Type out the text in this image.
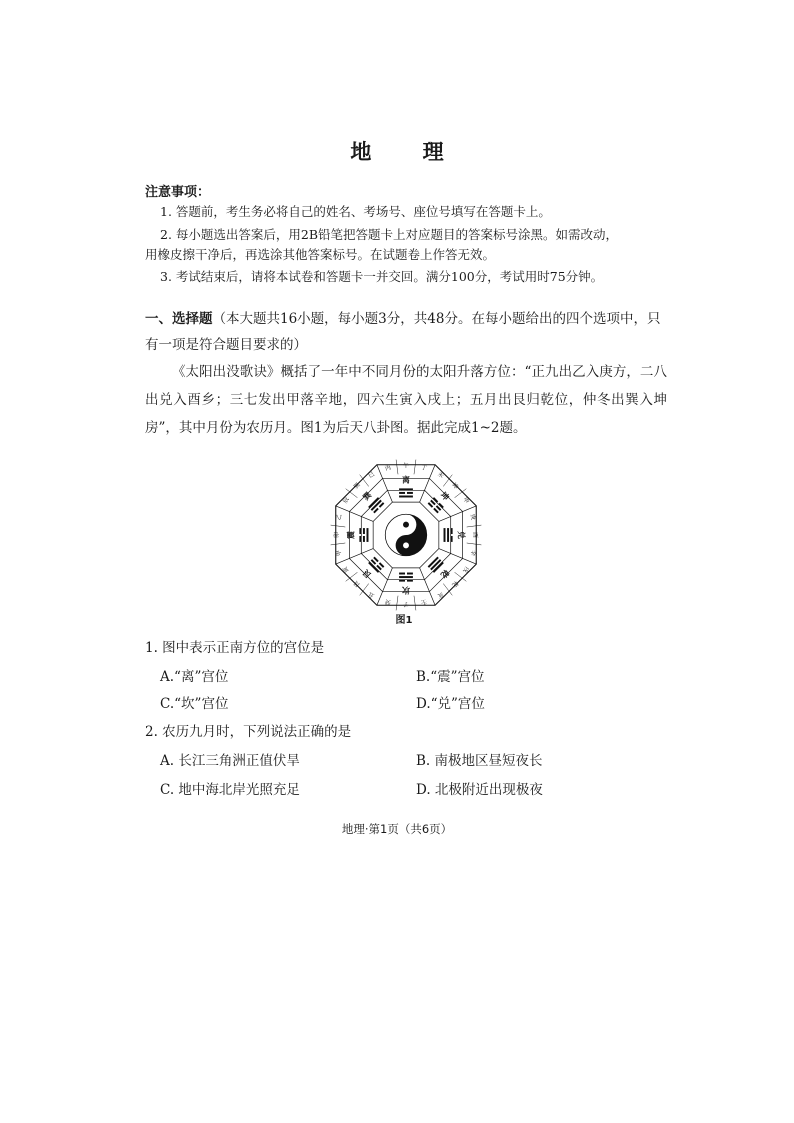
地 理
注意事项：
1. 答题前，考生务必将自己的姓名、考场号、座位号填写在答题卡上。
2. 每小题选出答案后，用2B铅笔把答题卡上对应题目的答案标号涂黑。如需改动，
用橡皮擦干净后，再选涂其他答案标号。在试题卷上作答无效。
3. 考试结束后，请将本试卷和答题卡一并交回。满分100分，考试用时75分钟。
一、选择题（本大题共16小题，每小题3分，共48分。在每小题给出的四个选项中，只有一项是符合题目要求的）
《太阳出没歌诀》概括了一年中不同月份的太阳升落方位：“正九出乙入庚方，二八出兑入酉乡；三七发出甲落辛地，四六生寅入戌上；五月出艮归乾位，仲冬出巽入坤房”，其中月份为农历月。图1为后天八卦图。据此完成1~2题。
丙 午 丁
未
坤
申
庚
酉
辛
戌
乾
亥
壬
子
癸
丑
艮
寅
甲
卯
乙
辰
巽
巳
离
坤
兑
乾
坎
艮
震
巽
图1
1. 图中表示正南方位的宫位是
A.“离”宫位	B.“震”宫位
C.“坎”宫位	D.“兑”宫位
2. 农历九月时，下列说法正确的是
A. 长江三角洲正值伏旱	B. 南极地区昼短夜长
C. 地中海北岸光照充足	D. 北极附近出现极夜
地理·第1页（共6页）
